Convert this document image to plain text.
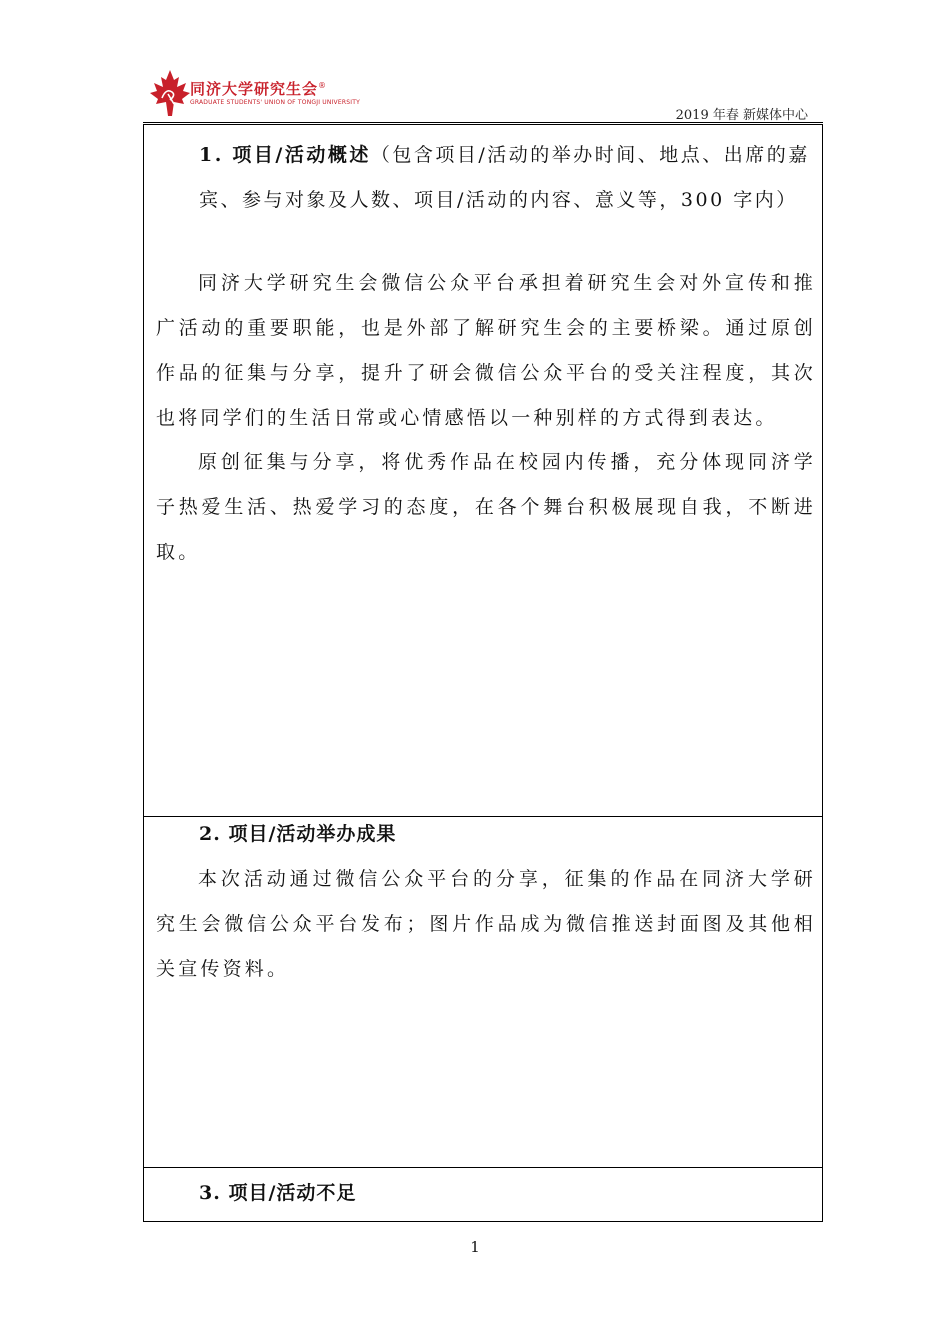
同济大学研究生会®
GRADUATE STUDENTS' UNION OF TONGJI UNIVERSITY
2019 年春 新媒体中心
1. 项目/活动概述（包含项目/活动的举办时间、地点、出席的嘉宾、参与对象及人数、项目/活动的内容、意义等，300 字内）
同济大学研究生会微信公众平台承担着研究生会对外宣传和推广活动的重要职能，也是外部了解研究生会的主要桥梁。通过原创作品的征集与分享，提升了研会微信公众平台的受关注程度，其次也将同学们的生活日常或心情感悟以一种别样的方式得到表达。
原创征集与分享，将优秀作品在校园内传播，充分体现同济学子热爱生活、热爱学习的态度，在各个舞台积极展现自我，不断进取。
2. 项目/活动举办成果
本次活动通过微信公众平台的分享，征集的作品在同济大学研究生会微信公众平台发布；图片作品成为微信推送封面图及其他相关宣传资料。
3. 项目/活动不足
1
